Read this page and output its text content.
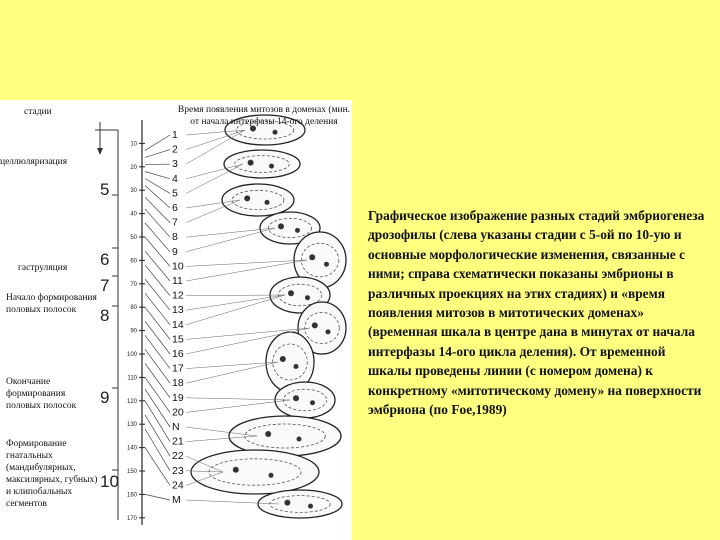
10
20
30
40
50
60
70
80
90
100
110
120
130
140
150
160
170
1
2
3
4
5
6
7
8
9
10
11
12
13
14
15
16
17
18
19
20
N
21
22
23
24
M
стадии	Время появления митозов в доменах (мин. от начала интерфазы 14-ого деления
целлюляризация
гаструляция
Начало формирования половых полосок
Окончание формирования половых полосок
Формирование гнатальных (мандибулярных, максилярных, губных) и клипобальных сегментов
5
6
7
8
9
10
Графическое изображение разных стадий эмбриогенеза дрозофилы (слева указаны стадии с 5-ой по 10-ую и основные морфологические изменения, связанные с ними; справа схематически показаны эмбрионы в различных проекциях на этих стадиях) и «время появления митозов в митотических доменах» (временная шкала в центре дана в минутах от начала интерфазы 14-ого цикла деления). От временной шкалы проведены линии (с номером домена) к конкретному «митотическому домену» на поверхности эмбриона (по Foe,1989)
